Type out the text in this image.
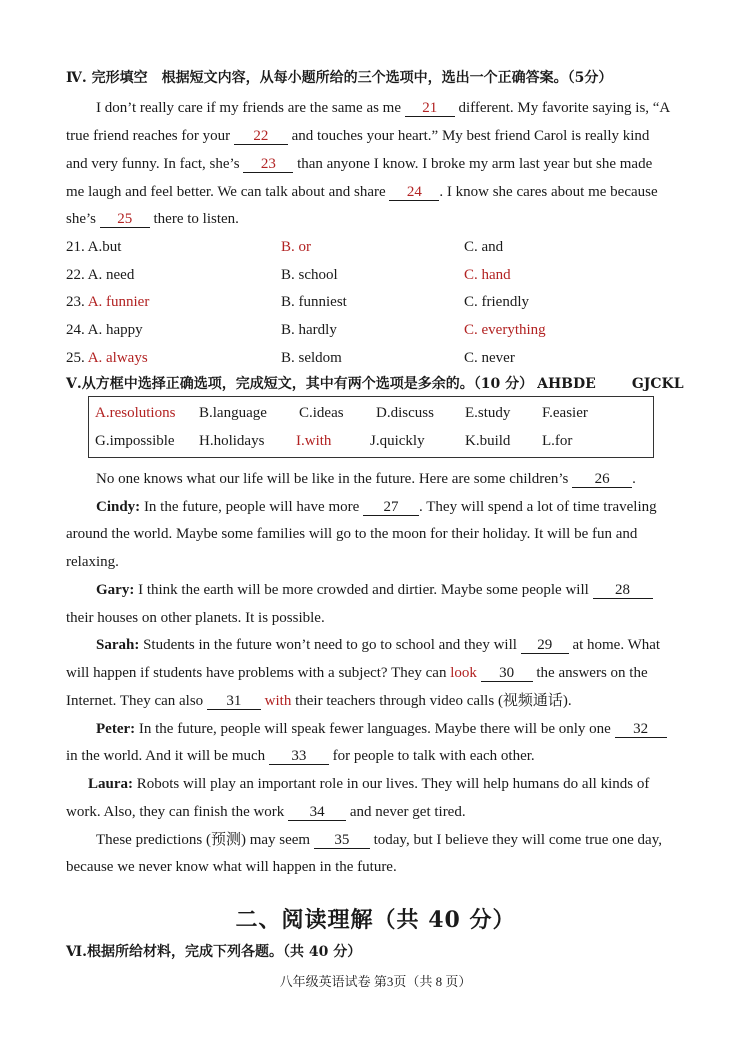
Ⅳ. 完形填空　根据短文内容，从每小题所给的三个选项中，选出一个正确答案。（5分）
I don’t really care if my friends are the same as me 21 different. My favorite saying is, “A
true friend reaches for your 22 and touches your heart.” My best friend Carol is really kind
and very funny. In fact, she’s 23 than anyone I know. I broke my arm last year but she made
me laugh and feel better. We can talk about and share 24 . I know she cares about me because
she’s 25 there to listen.
21. A.but	B. or	C. and
22. A. need	B. school	C. hand
23. A. funnier	B. funniest	C. friendly
24. A. happy	B. hardly	C. everything
25. A. always	B. seldom	C. never
Ⅴ.从方框中选择正确选项，完成短文，其中有两个选项是多余的。（10 分） AHBDE	GJCKL
A.resolutions B.language C.ideas D.discuss E.study F.easier
G.impossible H.holidays I.with	J.quickly	K.build L.for
No one knows what our life will be like in the future. Here are some children’s 26 .
Cindy: In the future, people will have more 27 . They will spend a lot of time traveling
around the world. Maybe some families will go to the moon for their holiday. It will be fun and
relaxing.
Gary: I think the earth will be more crowded and dirtier. Maybe some people will 28
their houses on other planets. It is possible.
Sarah: Students in the future won’t need to go to school and they will 29 at home. What
will happen if students have problems with a subject? They can look 30 the answers on the
Internet. They can also 31 with their teachers through video calls (视频通话).
Peter: In the future, people will speak fewer languages. Maybe there will be only one 32
in the world. And it will be much 33 for people to talk with each other.
Laura: Robots will play an important role in our lives. They will help humans do all kinds of
work. Also, they can finish the work 34 and never get tired.
These predictions (预测) may seem 35 today, but I believe they will come true one day,
because we never know what will happen in the future.
二、阅读理解（共 40 分）
Ⅵ.根据所给材料，完成下列各题。（共 40 分）
八年级英语试卷 第3页（共 8 页）
